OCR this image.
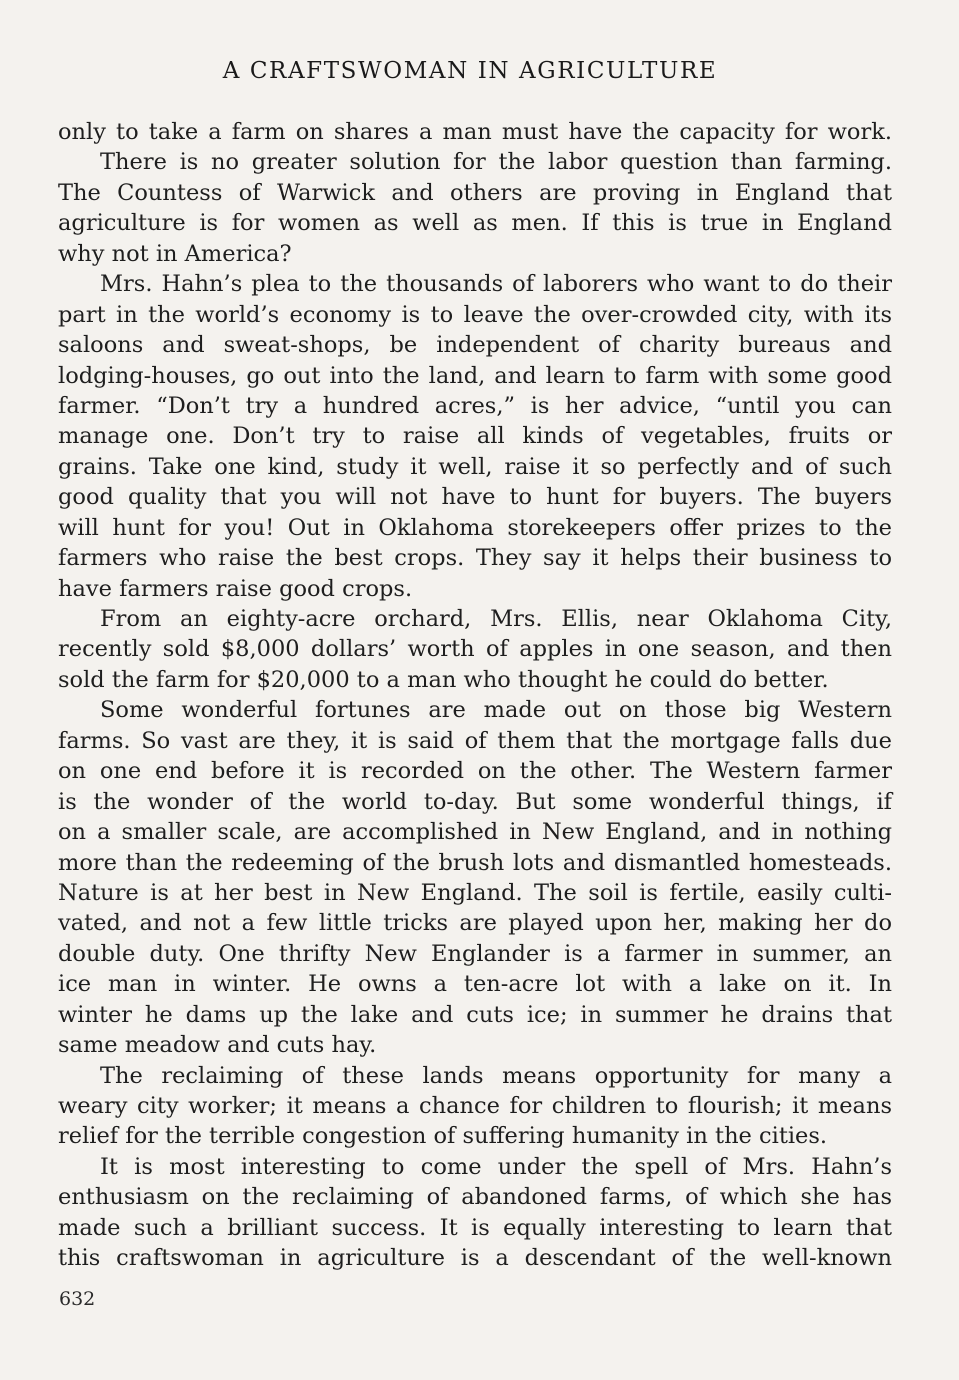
A CRAFTSWOMAN IN AGRICULTURE
only to take a farm on shares a man must have the capacity for work.
There is no greater solution for the labor question than farming.
The Countess of Warwick and others are proving in England that
agriculture is for women as well as men. If this is true in England
why not in America?
Mrs. Hahn’s plea to the thousands of laborers who want to do their
part in the world’s economy is to leave the over-crowded city, with its
saloons and sweat-shops, be independent of charity bureaus and
lodging-houses, go out into the land, and learn to farm with some good
farmer. “Don’t try a hundred acres,” is her advice, “until you can
manage one. Don’t try to raise all kinds of vegetables, fruits or
grains. Take one kind, study it well, raise it so perfectly and of such
good quality that you will not have to hunt for buyers. The buyers
will hunt for you! Out in Oklahoma storekeepers offer prizes to the
farmers who raise the best crops. They say it helps their business to
have farmers raise good crops.
From an eighty-acre orchard, Mrs. Ellis, near Oklahoma City,
recently sold $8,000 dollars’ worth of apples in one season, and then
sold the farm for $20,000 to a man who thought he could do better.
Some wonderful fortunes are made out on those big Western
farms. So vast are they, it is said of them that the mortgage falls due
on one end before it is recorded on the other. The Western farmer
is the wonder of the world to-day. But some wonderful things, if
on a smaller scale, are accomplished in New England, and in nothing
more than the redeeming of the brush lots and dismantled homesteads.
Nature is at her best in New England. The soil is fertile, easily culti-
vated, and not a few little tricks are played upon her, making her do
double duty. One thrifty New Englander is a farmer in summer, an
ice man in winter. He owns a ten-acre lot with a lake on it. In
winter he dams up the lake and cuts ice; in summer he drains that
same meadow and cuts hay.
The reclaiming of these lands means opportunity for many a
weary city worker; it means a chance for children to flourish; it means
relief for the terrible congestion of suffering humanity in the cities.
It is most interesting to come under the spell of Mrs. Hahn’s
enthusiasm on the reclaiming of abandoned farms, of which she has
made such a brilliant success. It is equally interesting to learn that
this craftswoman in agriculture is a descendant of the well-known
632
